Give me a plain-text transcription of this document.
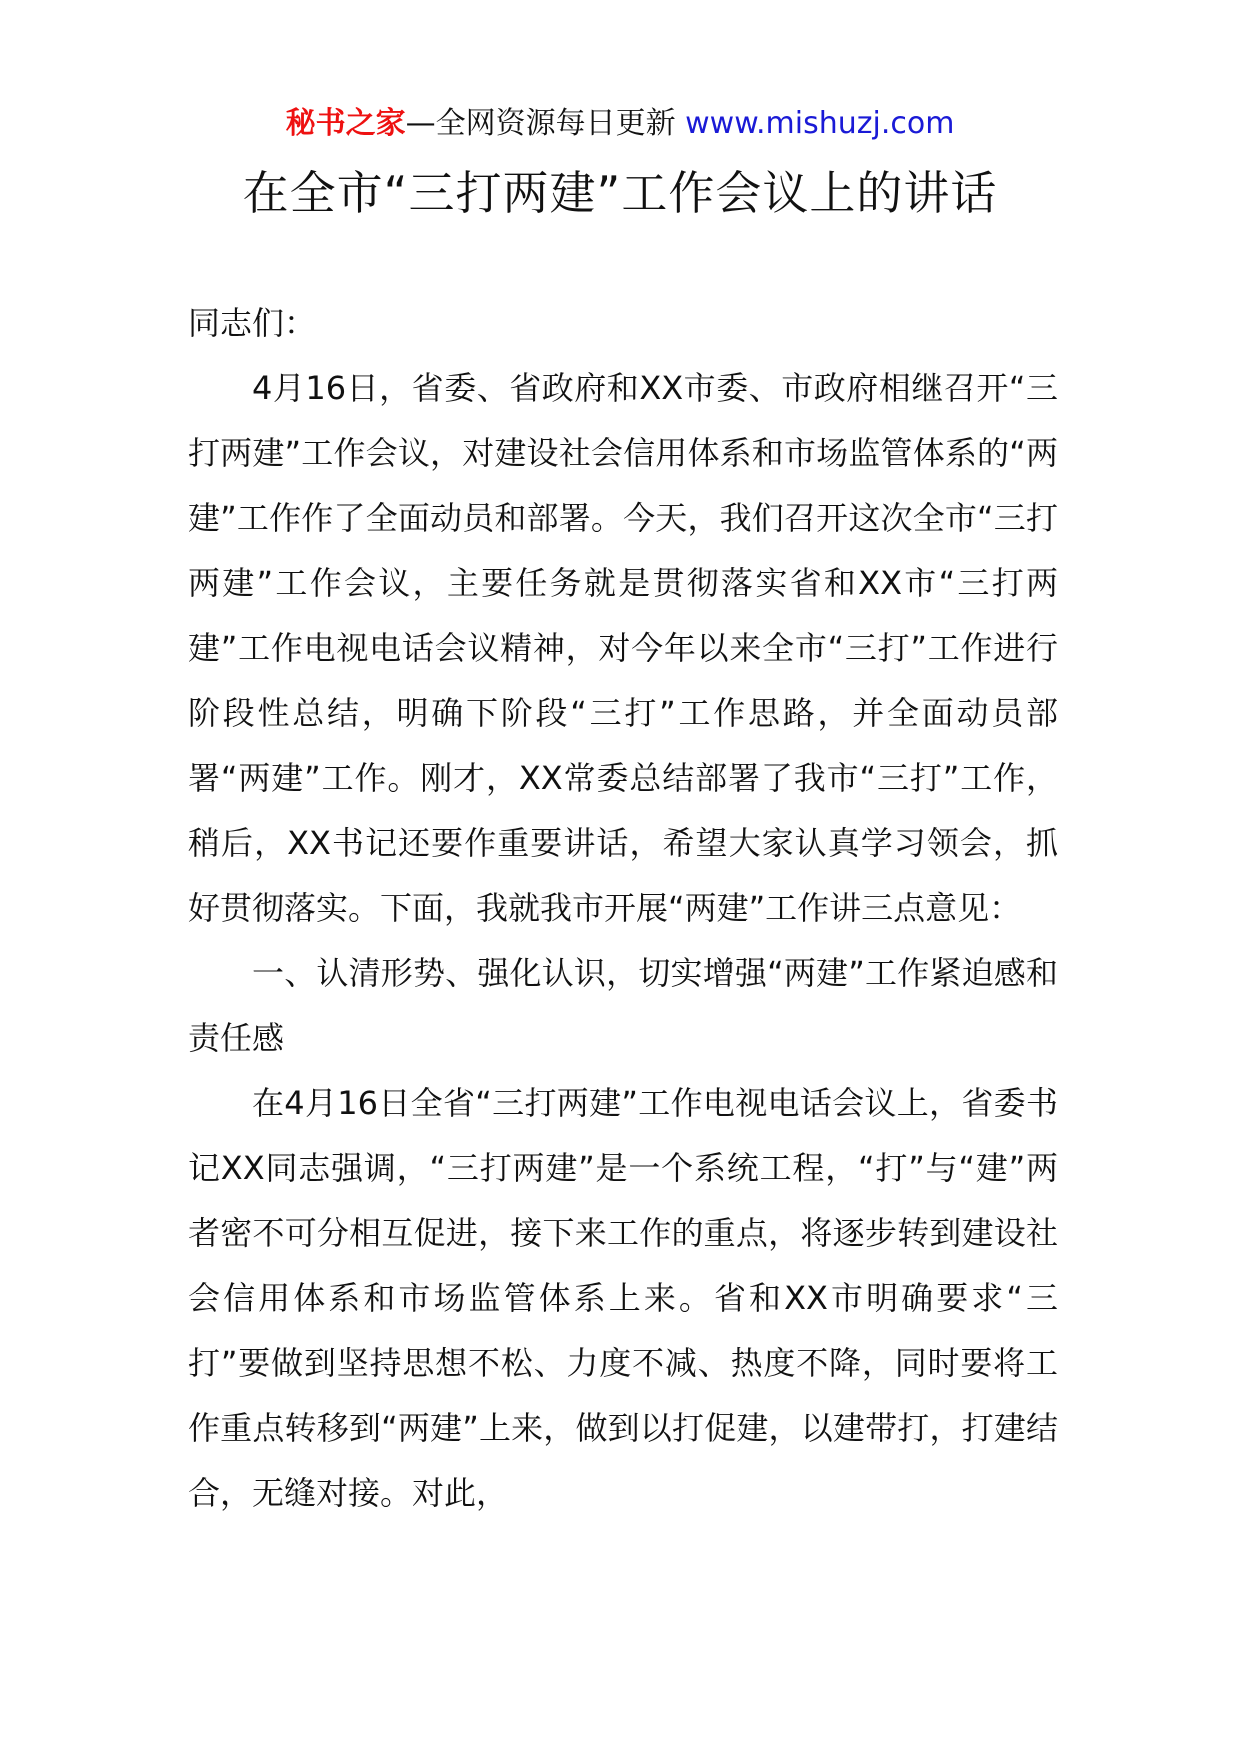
秘书之家—全网资源每日更新 www.mishuzj.com
在全市“三打两建”工作会议上的讲话

同志们：

4月16日，省委、省政府和XX市委、市政府相继召开“三打两建”工作会议，对建设社会信用体系和市场监管体系的“两建”工作作了全面动员和部署。今天，我们召开这次全市“三打两建”工作会议，主要任务就是贯彻落实省和XX市“三打两建”工作电视电话会议精神，对今年以来全市“三打”工作进行阶段性总结，明确下阶段“三打”工作思路，并全面动员部署“两建”工作。刚才，XX常委总结部署了我市“三打”工作，稍后，XX书记还要作重要讲话，希望大家认真学习领会，抓好贯彻落实。下面，我就我市开展“两建”工作讲三点意见：

一、认清形势、强化认识，切实增强“两建”工作紧迫感和责任感

在4月16日全省“三打两建”工作电视电话会议上，省委书记XX同志强调，“三打两建”是一个系统工程，“打”与“建”两者密不可分相互促进，接下来工作的重点，将逐步转到建设社会信用体系和市场监管体系上来。省和XX市明确要求“三打”要做到坚持思想不松、力度不减、热度不降，同时要将工作重点转移到“两建”上来，做到以打促建，以建带打，打建结合，无缝对接。对此，
